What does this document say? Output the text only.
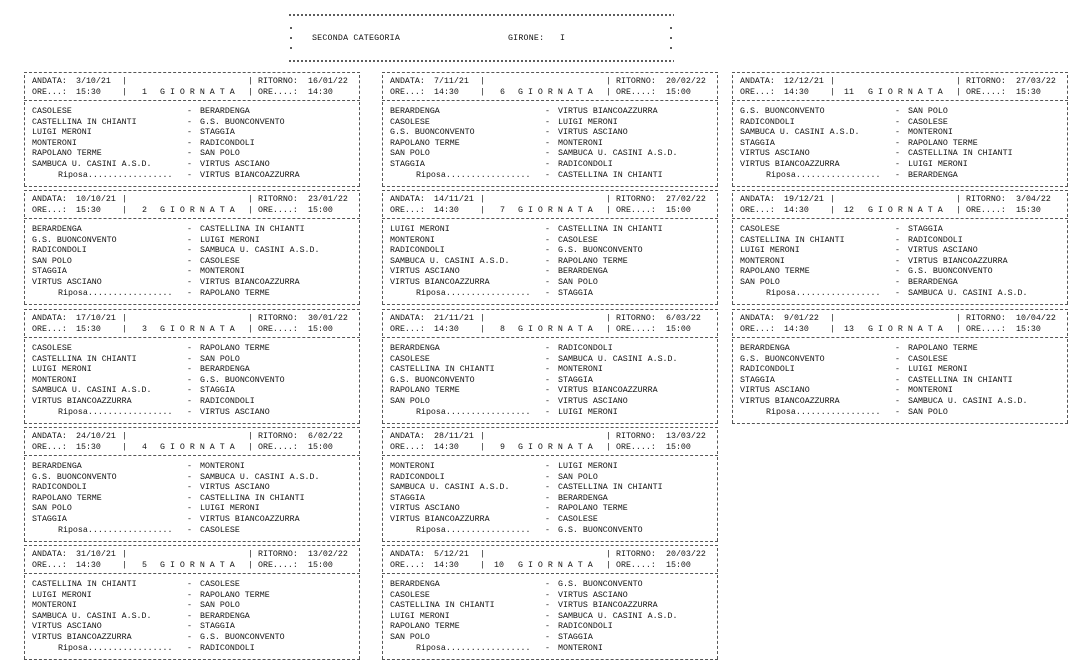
SECONDA CATEGORIA	GIRONE: I
ANDATA: 3/10/21 |	| RITORNO: 16/01/22
ORE...: 15:30	| 1 G I O R N A T A | ORE....: 14:30
CASOLESE	- BERARDENGA
CASTELLINA IN CHIANTI	- G.S. BUONCONVENTO
LUIGI MERONI	- STAGGIA
MONTERONI	- RADICONDOLI
RAPOLANO TERME	- SAN POLO
SAMBUCA U. CASINI A.S.D.	- VIRTUS ASCIANO
Riposa................. - VIRTUS BIANCOAZZURRA
ANDATA: 10/10/21 |	| RITORNO: 23/01/22
ORE...: 15:30	| 2 G I O R N A T A | ORE....: 15:00
BERARDENGA	- CASTELLINA IN CHIANTI
G.S. BUONCONVENTO	- LUIGI MERONI
RADICONDOLI	- SAMBUCA U. CASINI A.S.D.
SAN POLO	- CASOLESE
STAGGIA	- MONTERONI
VIRTUS ASCIANO	- VIRTUS BIANCOAZZURRA
Riposa................. - RAPOLANO TERME
ANDATA: 17/10/21 |	| RITORNO: 30/01/22
ORE...: 15:30	| 3 G I O R N A T A | ORE....: 15:00
CASOLESE	- RAPOLANO TERME
CASTELLINA IN CHIANTI	- SAN POLO
LUIGI MERONI	- BERARDENGA
MONTERONI	- G.S. BUONCONVENTO
SAMBUCA U. CASINI A.S.D.	- STAGGIA
VIRTUS BIANCOAZZURRA	- RADICONDOLI
Riposa................. - VIRTUS ASCIANO
ANDATA: 24/10/21 |	| RITORNO: 6/02/22
ORE...: 15:30	| 4 G I O R N A T A | ORE....: 15:00
BERARDENGA	- MONTERONI
G.S. BUONCONVENTO	- SAMBUCA U. CASINI A.S.D.
RADICONDOLI	- VIRTUS ASCIANO
RAPOLANO TERME	- CASTELLINA IN CHIANTI
SAN POLO	- LUIGI MERONI
STAGGIA	- VIRTUS BIANCOAZZURRA
Riposa................. - CASOLESE
ANDATA: 31/10/21 |	| RITORNO: 13/02/22
ORE...: 14:30	| 5 G I O R N A T A | ORE....: 15:00
CASTELLINA IN CHIANTI	- CASOLESE
LUIGI MERONI	- RAPOLANO TERME
MONTERONI	- SAN POLO
SAMBUCA U. CASINI A.S.D.	- BERARDENGA
VIRTUS ASCIANO	- STAGGIA
VIRTUS BIANCOAZZURRA	- G.S. BUONCONVENTO
Riposa................. - RADICONDOLI
ANDATA: 7/11/21 |	| RITORNO: 20/02/22
ORE...: 14:30	| 6 G I O R N A T A | ORE....: 15:00
BERARDENGA	- VIRTUS BIANCOAZZURRA
CASOLESE	- LUIGI MERONI
G.S. BUONCONVENTO	- VIRTUS ASCIANO
RAPOLANO TERME	- MONTERONI
SAN POLO	- SAMBUCA U. CASINI A.S.D.
STAGGIA	- RADICONDOLI
Riposa................. - CASTELLINA IN CHIANTI
ANDATA: 14/11/21 |	| RITORNO: 27/02/22
ORE...: 14:30	| 7 G I O R N A T A | ORE....: 15:00
LUIGI MERONI	- CASTELLINA IN CHIANTI
MONTERONI	- CASOLESE
RADICONDOLI	- G.S. BUONCONVENTO
SAMBUCA U. CASINI A.S.D.	- RAPOLANO TERME
VIRTUS ASCIANO	- BERARDENGA
VIRTUS BIANCOAZZURRA	- SAN POLO
Riposa................. - STAGGIA
ANDATA: 21/11/21 |	| RITORNO: 6/03/22
ORE...: 14:30	| 8 G I O R N A T A | ORE....: 15:00
BERARDENGA	- RADICONDOLI
CASOLESE	- SAMBUCA U. CASINI A.S.D.
CASTELLINA IN CHIANTI	- MONTERONI
G.S. BUONCONVENTO	- STAGGIA
RAPOLANO TERME	- VIRTUS BIANCOAZZURRA
SAN POLO	- VIRTUS ASCIANO
Riposa................. - LUIGI MERONI
ANDATA: 28/11/21 |	| RITORNO: 13/03/22
ORE...: 14:30	| 9 G I O R N A T A | ORE....: 15:00
MONTERONI	- LUIGI MERONI
RADICONDOLI	- SAN POLO
SAMBUCA U. CASINI A.S.D.	- CASTELLINA IN CHIANTI
STAGGIA	- BERARDENGA
VIRTUS ASCIANO	- RAPOLANO TERME
VIRTUS BIANCOAZZURRA	- CASOLESE
Riposa................. - G.S. BUONCONVENTO
ANDATA: 5/12/21 |	| RITORNO: 20/03/22
ORE...: 14:30	| 10 G I O R N A T A | ORE....: 15:00
BERARDENGA	- G.S. BUONCONVENTO
CASOLESE	- VIRTUS ASCIANO
CASTELLINA IN CHIANTI	- VIRTUS BIANCOAZZURRA
LUIGI MERONI	- SAMBUCA U. CASINI A.S.D.
RAPOLANO TERME	- RADICONDOLI
SAN POLO	- STAGGIA
Riposa................. - MONTERONI
ANDATA: 12/12/21 |	| RITORNO: 27/03/22
ORE...: 14:30	| 11 G I O R N A T A | ORE....: 15:30
G.S. BUONCONVENTO	- SAN POLO
RADICONDOLI	- CASOLESE
SAMBUCA U. CASINI A.S.D.	- MONTERONI
STAGGIA	- RAPOLANO TERME
VIRTUS ASCIANO	- CASTELLINA IN CHIANTI
VIRTUS BIANCOAZZURRA	- LUIGI MERONI
Riposa................. - BERARDENGA
ANDATA: 19/12/21 |	| RITORNO: 3/04/22
ORE...: 14:30	| 12 G I O R N A T A | ORE....: 15:30
CASOLESE	- STAGGIA
CASTELLINA IN CHIANTI	- RADICONDOLI
LUIGI MERONI	- VIRTUS ASCIANO
MONTERONI	- VIRTUS BIANCOAZZURRA
RAPOLANO TERME	- G.S. BUONCONVENTO
SAN POLO	- BERARDENGA
Riposa................. - SAMBUCA U. CASINI A.S.D.
ANDATA: 9/01/22 |	| RITORNO: 10/04/22
ORE...: 14:30	| 13 G I O R N A T A | ORE....: 15:30
BERARDENGA	- RAPOLANO TERME
G.S. BUONCONVENTO	- CASOLESE
RADICONDOLI	- LUIGI MERONI
STAGGIA	- CASTELLINA IN CHIANTI
VIRTUS ASCIANO	- MONTERONI
VIRTUS BIANCOAZZURRA	- SAMBUCA U. CASINI A.S.D.
Riposa................. - SAN POLO
